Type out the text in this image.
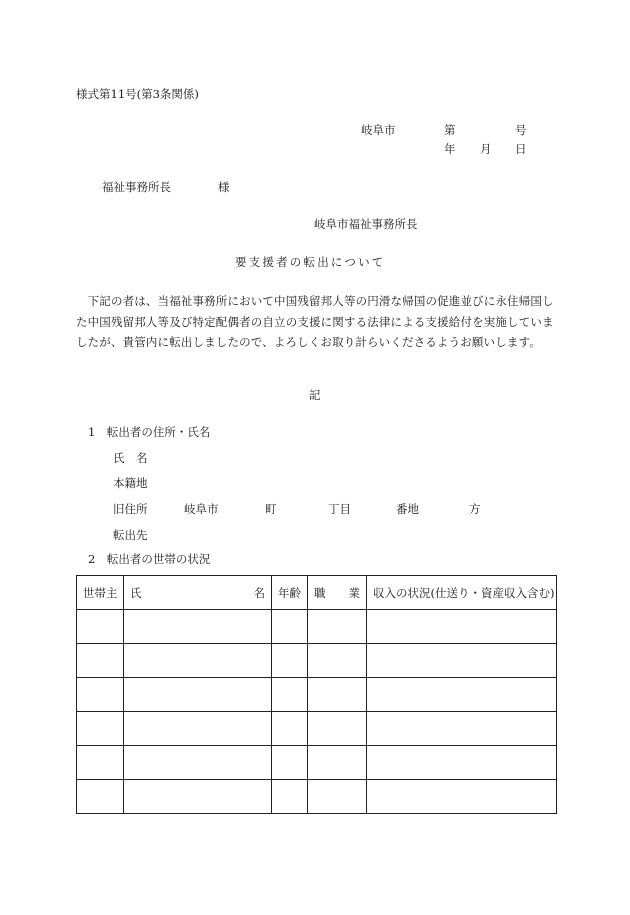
様式第11号(第3条関係)
岐阜市	第	号
年 月 日
福祉事務所長	様
岐阜市福祉事務所長
要支援者の転出について
　下記の者は、当福祉事務所において中国残留邦人等の円滑な帰国の促進並びに永住帰国した中国残留邦人等及び特定配偶者の自立の支援に関する法律による支援給付を実施していましたが、貴管内に転出しましたので、よろしくお取り計らいくださるようお願いします。
記
1　転出者の住所・氏名
氏　名
本籍地
旧住所	岐阜市	町	丁目	番地	方
転出先
2　転出者の世帯の状況
世帯主	氏 名	年齢	職 業	収入の状況(仕送り・資産収入含む)
